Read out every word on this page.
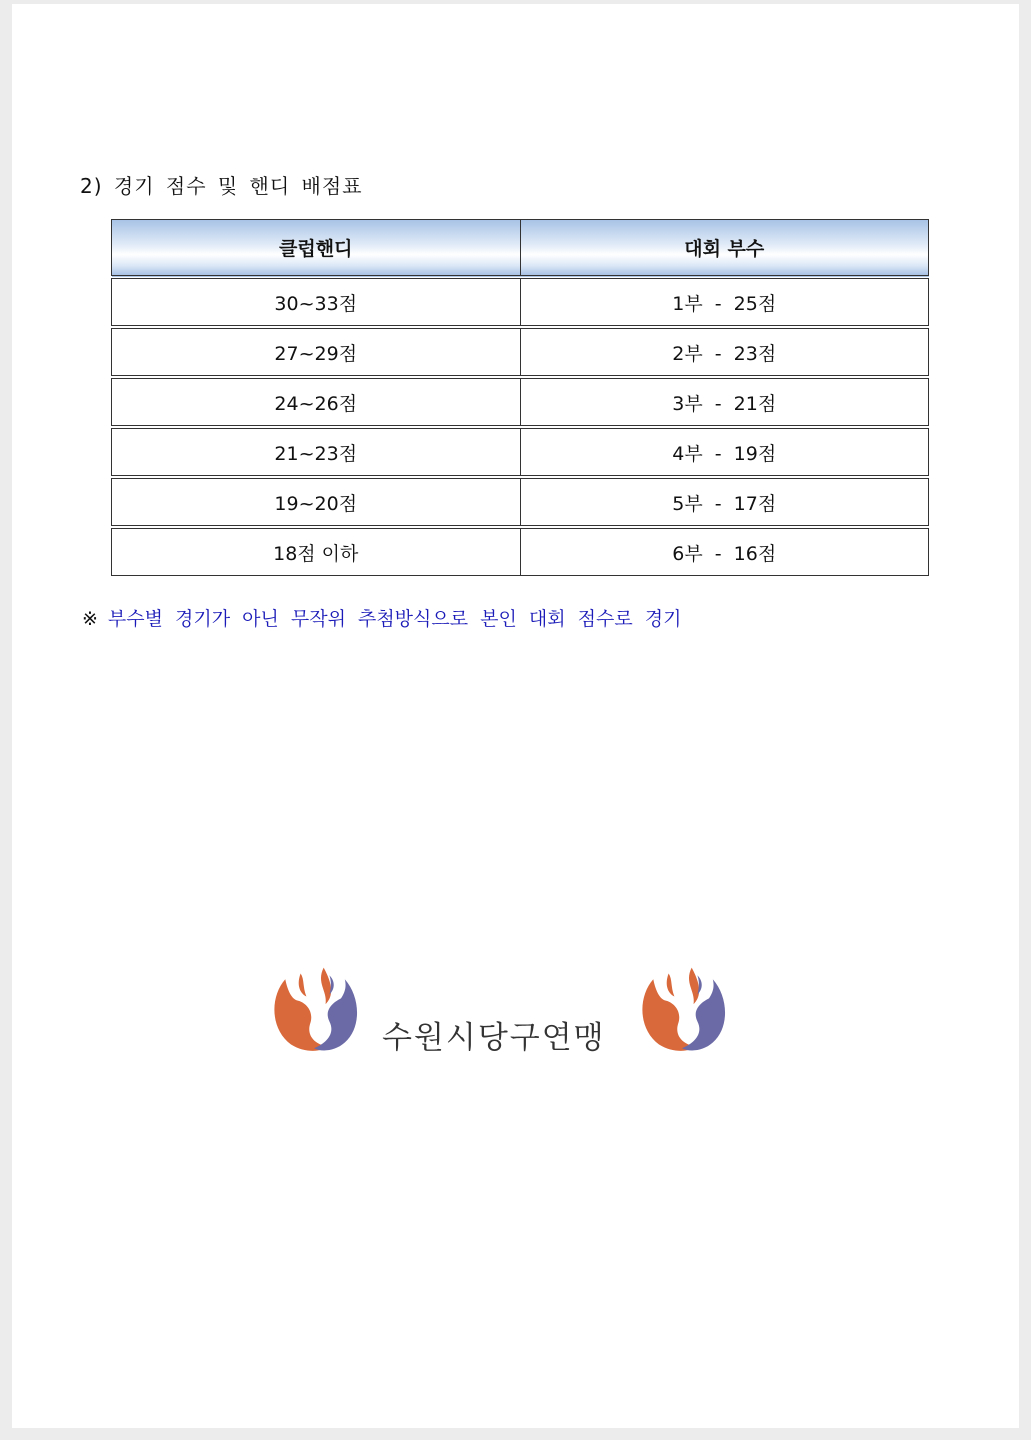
2) 경기 점수 및 핸디 배점표
클럽핸디	대회 부수
30~33점	1부 - 25점
27~29점	2부 - 23점
24~26점	3부 - 21점
21~23점	4부 - 19점
19~20점	5부 - 17점
18점 이하	6부 - 16점
※ 부수별 경기가 아닌 무작위 추첨방식으로 본인 대회 점수로 경기
수원시당구연맹
